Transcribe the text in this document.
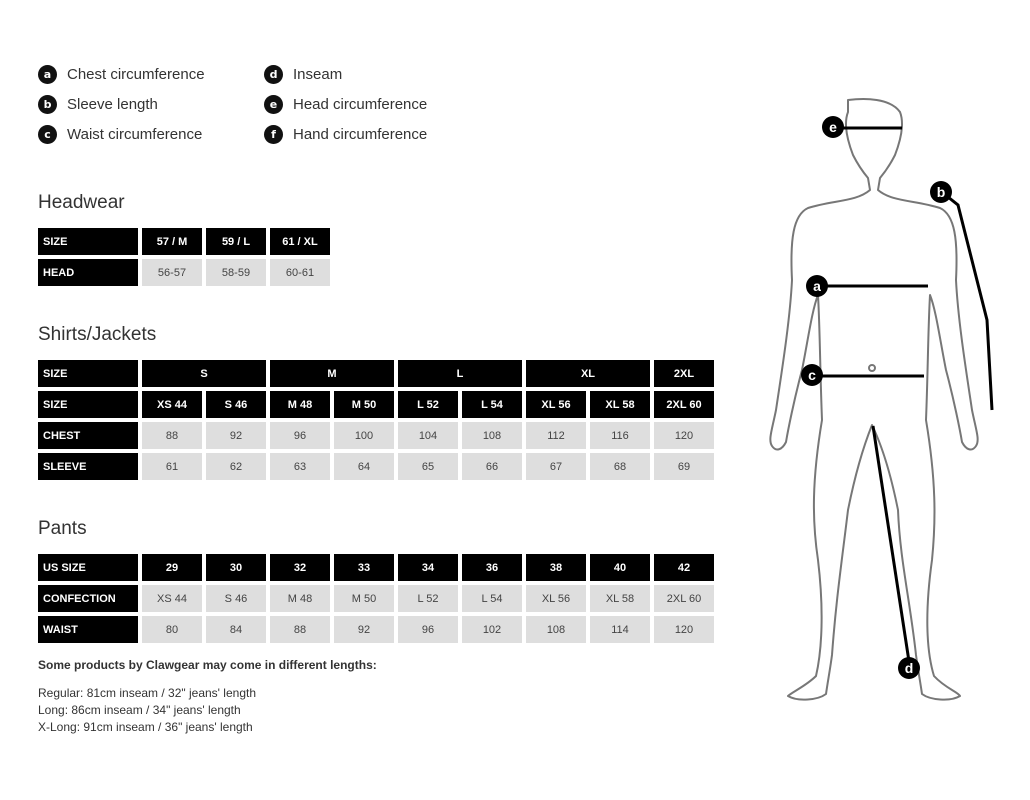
a	Chest circumference
b	Sleeve length
c	Waist circumference
d	Inseam
e	Head circumference
f	Hand circumference
Headwear
SIZE	57 / M	59 / L	61 / XL
HEAD	56-57	58-59	60-61
Shirts/Jackets
SIZE	S		M		L		XL		2XL
SIZE	XS 44	S 46	M 48	M 50	L 52	L 54	XL 56	XL 58	2XL 60
CHEST	88	92	96	100	104	108	112	116	120
SLEEVE	61	62	63	64	65	66	67	68	69
Pants
US SIZE	29	30	32	33	34	36	38	40	42
CONFECTION	XS 44	S 46	M 48	M 50	L 52	L 54	XL 56	XL 58	2XL 60
WAIST	80	84	88	92	96	102	108	114	120
Some products by Clawgear may come in different lengths:
Regular: 81cm inseam / 32" jeans' length
Long: 86cm inseam / 34" jeans' length
X-Long: 91cm inseam / 36" jeans' length
e
b
a
c
d
